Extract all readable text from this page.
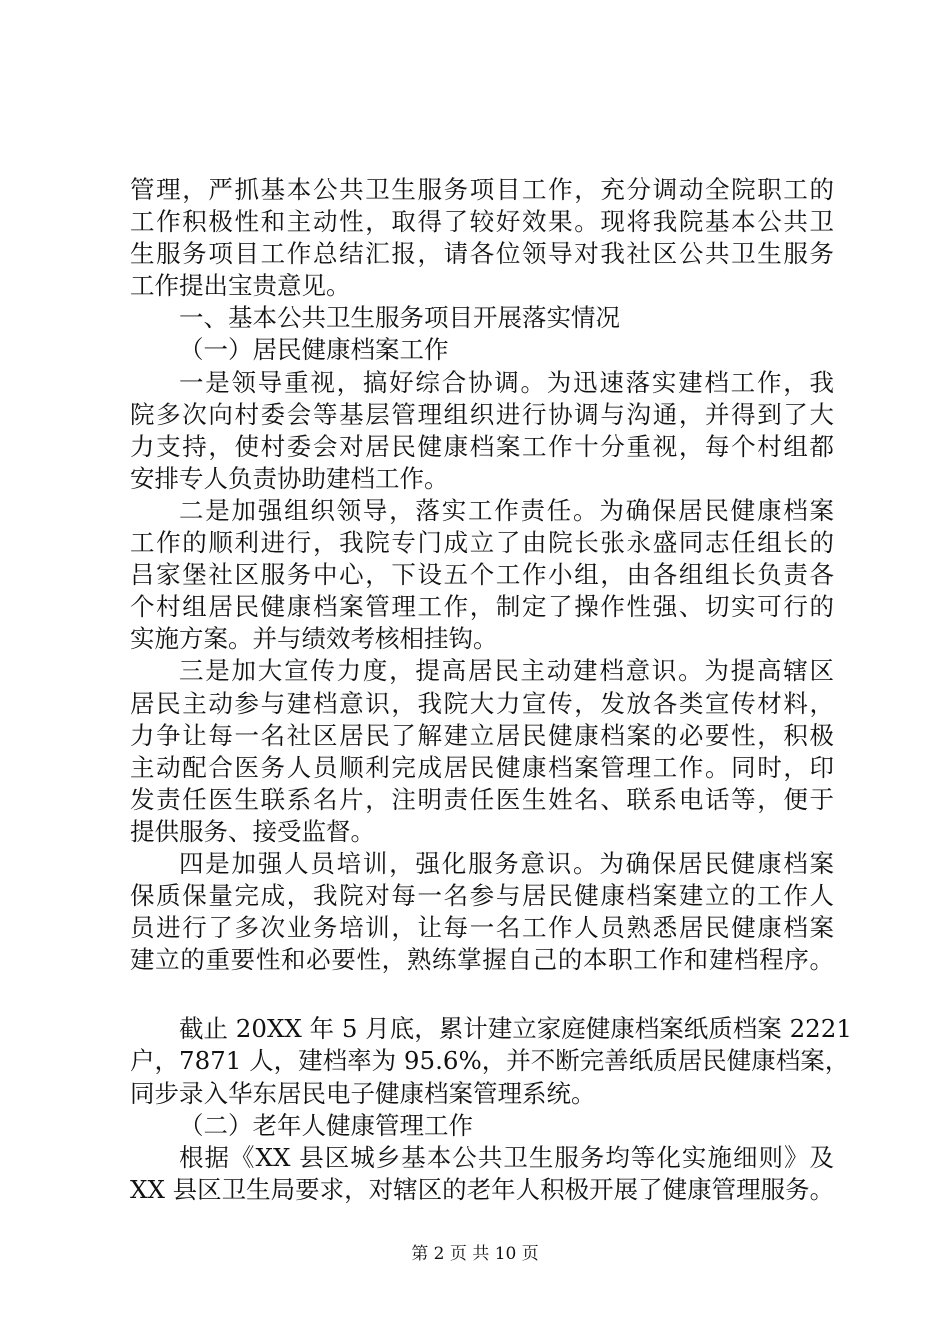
管理，严抓基本公共卫生服务项目工作，充分调动全院职工的
工作积极性和主动性，取得了较好效果。现将我院基本公共卫
生服务项目工作总结汇报，请各位领导对我社区公共卫生服务
工作提出宝贵意见。
一、基本公共卫生服务项目开展落实情况
（一）居民健康档案工作
一是领导重视，搞好综合协调。为迅速落实建档工作，我
院多次向村委会等基层管理组织进行协调与沟通，并得到了大
力支持，使村委会对居民健康档案工作十分重视，每个村组都
安排专人负责协助建档工作。
二是加强组织领导，落实工作责任。为确保居民健康档案
工作的顺利进行，我院专门成立了由院长张永盛同志任组长的
吕家堡社区服务中心，下设五个工作小组，由各组组长负责各
个村组居民健康档案管理工作，制定了操作性强、切实可行的
实施方案。并与绩效考核相挂钩。
三是加大宣传力度，提高居民主动建档意识。为提高辖区
居民主动参与建档意识，我院大力宣传，发放各类宣传材料，
力争让每一名社区居民了解建立居民健康档案的必要性，积极
主动配合医务人员顺利完成居民健康档案管理工作。同时，印
发责任医生联系名片，注明责任医生姓名、联系电话等，便于
提供服务、接受监督。
四是加强人员培训，强化服务意识。为确保居民健康档案
保质保量完成，我院对每一名参与居民健康档案建立的工作人
员进行了多次业务培训，让每一名工作人员熟悉居民健康档案
建立的重要性和必要性，熟练掌握自己的本职工作和建档程序。
截止 20XX 年 5 月底，累计建立家庭健康档案纸质档案 2221
户，7871 人，建档率为 95.6%，并不断完善纸质居民健康档案，
同步录入华东居民电子健康档案管理系统。
（二）老年人健康管理工作
根据《XX 县区城乡基本公共卫生服务均等化实施细则》及
XX 县区卫生局要求，对辖区的老年人积极开展了健康管理服务。
第 2 页 共 10 页
